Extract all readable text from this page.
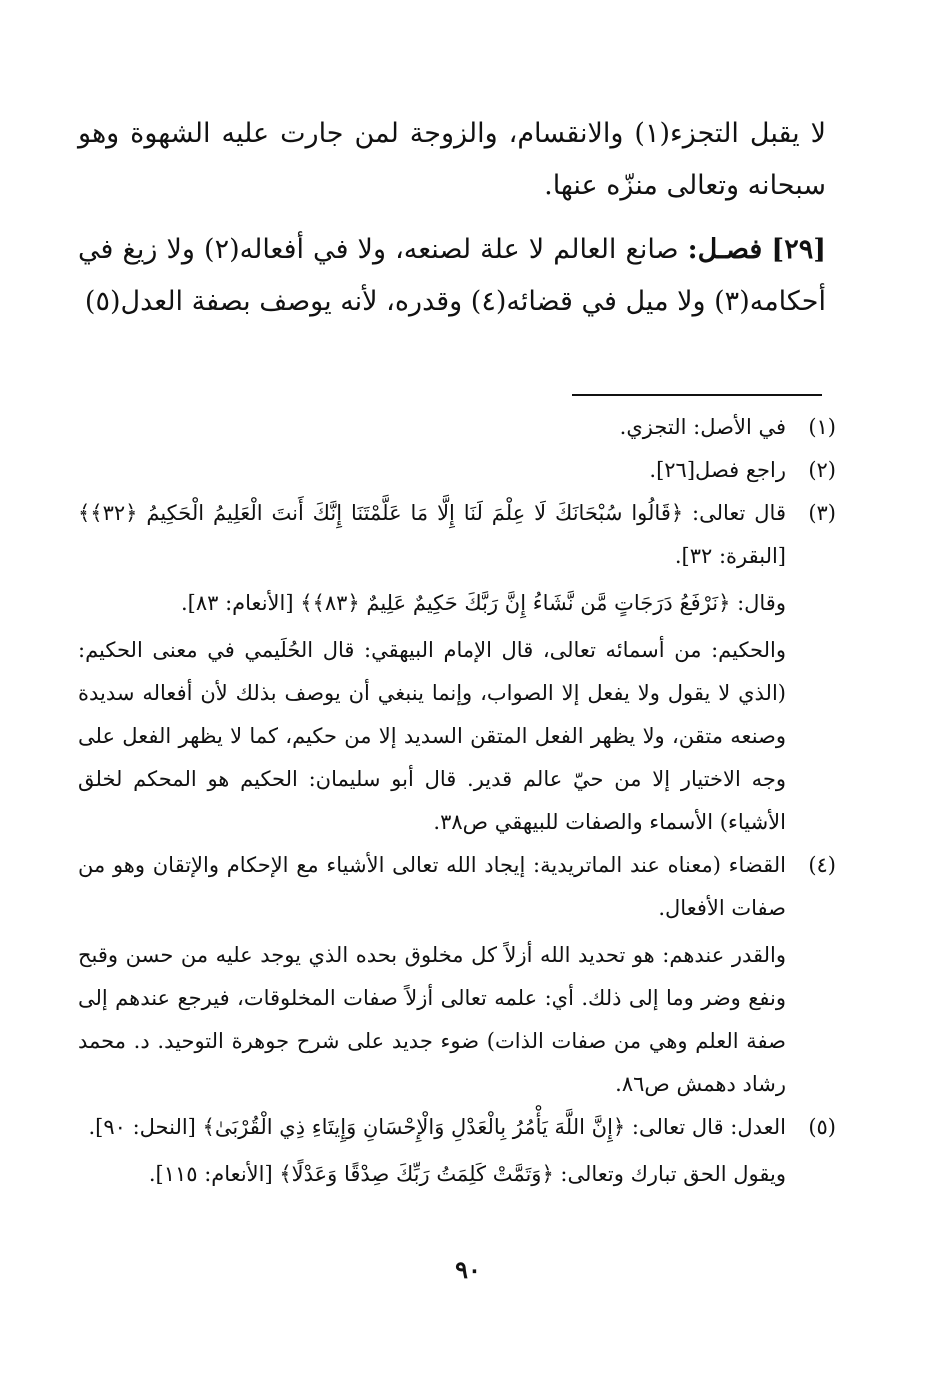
لا يقبل التجزء(١) والانقسام، والزوجة لمن جارت عليه الشهوة وهو سبحانه وتعالى منزّه عنها.

[٢٩] فصـل: صانع العالم لا علة لصنعه، ولا في أفعاله(٢) ولا زيغ في أحكامه(٣) ولا ميل في قضائه(٤) وقدره، لأنه يوصف بصفة العدل(٥)

(١)

في الأصل: التجزي.

(٢)

راجع فصل[٢٦].

(٣)

قال تعالى: ﴿قَالُوا سُبْحَانَكَ لَا عِلْمَ لَنَا إِلَّا مَا عَلَّمْتَنَا إِنَّكَ أَنتَ الْعَلِيمُ الْحَكِيمُ ﴿٣٢﴾﴾ [البقرة: ٣٢].

وقال: ﴿نَرْفَعُ دَرَجَاتٍ مَّن نَّشَاءُ إِنَّ رَبَّكَ حَكِيمٌ عَلِيمٌ ﴿٨٣﴾﴾ [الأنعام: ٨٣].

والحكيم: من أسمائه تعالى، قال الإمام البيهقي: قال الحُلَيمي في معنى الحكيم: (الذي لا يقول ولا يفعل إلا الصواب، وإنما ينبغي أن يوصف بذلك لأن أفعاله سديدة وصنعه متقن، ولا يظهر الفعل المتقن السديد إلا من حكيم، كما لا يظهر الفعل على وجه الاختيار إلا من حيّ عالم قدير. قال أبو سليمان: الحكيم هو المحكم لخلق الأشياء) الأسماء والصفات للبيهقي ص٣٨.

(٤)

القضاء (معناه عند الماتريدية: إيجاد الله تعالى الأشياء مع الإحكام والإتقان وهو من صفات الأفعال.

والقدر عندهم: هو تحديد الله أزلاً كل مخلوق بحده الذي يوجد عليه من حسن وقبح ونفع وضر وما إلى ذلك. أي: علمه تعالى أزلاً صفات المخلوقات، فيرجع عندهم إلى صفة العلم وهي من صفات الذات) ضوء جديد على شرح جوهرة التوحيد. د. محمد رشاد دهمش ص٨٦.

(٥)

العدل: قال تعالى: ﴿إِنَّ اللَّهَ يَأْمُرُ بِالْعَدْلِ وَالْإِحْسَانِ وَإِيتَاءِ ذِي الْقُرْبَىٰ﴾ [النحل: ٩٠].

ويقول الحق تبارك وتعالى: ﴿وَتَمَّتْ كَلِمَتُ رَبِّكَ صِدْقًا وَعَدْلًا﴾ [الأنعام: ١١٥].

٩٠
